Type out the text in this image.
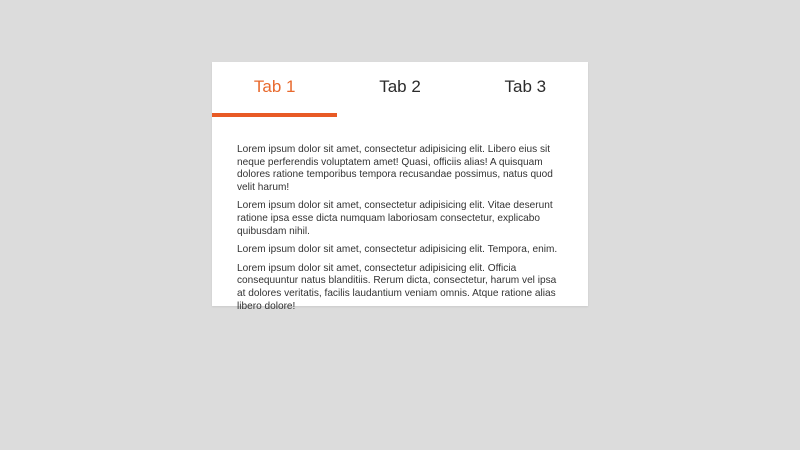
Tab 1	Tab 2	Tab 3

Lorem ipsum dolor sit amet, consectetur adipisicing elit. Libero eius sit neque perferendis voluptatem amet! Quasi, officiis alias! A quisquam dolores ratione temporibus tempora recusandae possimus, natus quod velit harum!

Lorem ipsum dolor sit amet, consectetur adipisicing elit. Vitae deserunt ratione ipsa esse dicta numquam laboriosam consectetur, explicabo quibusdam nihil.

Lorem ipsum dolor sit amet, consectetur adipisicing elit. Tempora, enim.

Lorem ipsum dolor sit amet, consectetur adipisicing elit. Officia consequuntur natus blanditiis. Rerum dicta, consectetur, harum vel ipsa at dolores veritatis, facilis laudantium veniam omnis. Atque ratione alias libero dolore!
